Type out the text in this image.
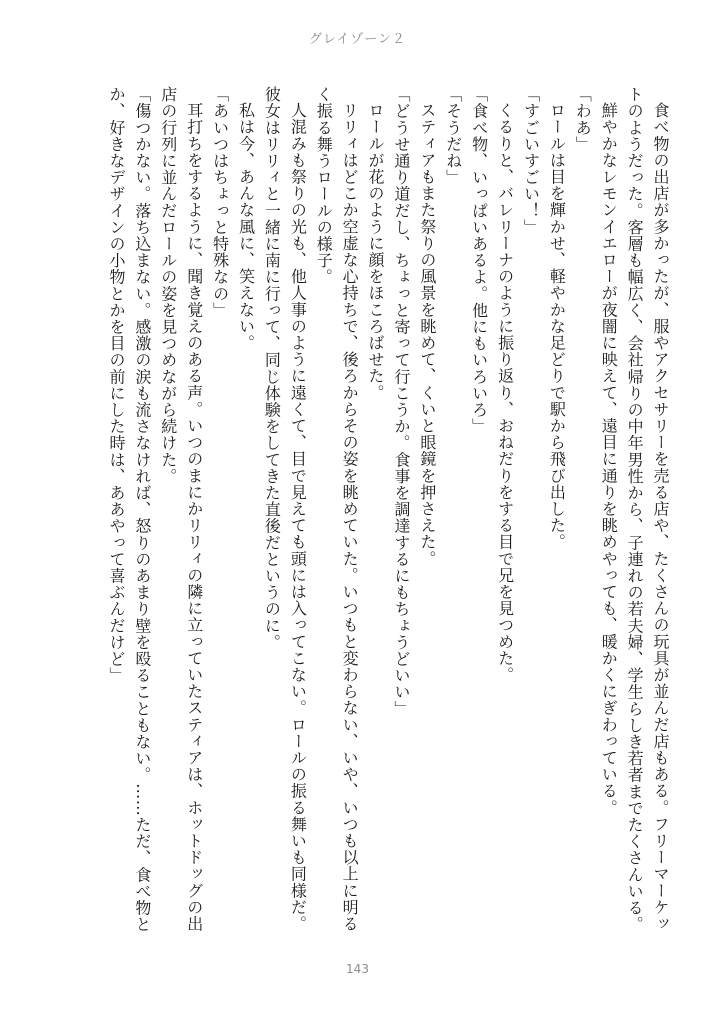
グレイゾーン２

食べ物の出店が多かったが、服やアクセサリーを売る店や、たくさんの玩具が並んだ店もある。フリーマーケットのようだった。客層も幅広く、会社帰りの中年男性から、子連れの若夫婦、学生らしき若者までたくさんいる。

鮮やかなレモンイエローが夜闇に映えて、遠目に通りを眺めやっても、暖かくにぎわっている。

「わあ」

ロールは目を輝かせ、軽やかな足どりで駅から飛び出した。

「すごいすごい！」

くるりと、バレリーナのように振り返り、おねだりをする目で兄を見つめた。

「食べ物、いっぱいあるよ。他にもいろいろ」

「そうだね」

スティアもまた祭りの風景を眺めて、くいと眼鏡を押さえた。

「どうせ通り道だし、ちょっと寄って行こうか。食事を調達するにもちょうどいい」

ロールが花のように顔をほころばせた。

リリィはどこか空虚な心持ちで、後ろからその姿を眺めていた。いつもと変わらない、いや、いつも以上に明るく振る舞うロールの様子。

人混みも祭りの光も、他人事のように遠くて、目で見えても頭には入ってこない。ロールの振る舞いも同様だ。彼女はリリィと一緒に南に行って、同じ体験をしてきた直後だというのに。

私は今、あんな風に、笑えない。

「あいつはちょっと特殊なの」

耳打ちをするように、聞き覚えのある声。いつのまにかリリィの隣に立っていたスティアは、ホットドッグの出店の行列に並んだロールの姿を見つめながら続けた。

「傷つかない。落ち込まない。感激の涙も流さなければ、怒りのあまり壁を殴ることもない。……ただ、食べ物とか、好きなデザインの小物とかを目の前にした時は、ああやって喜ぶんだけど」

143
